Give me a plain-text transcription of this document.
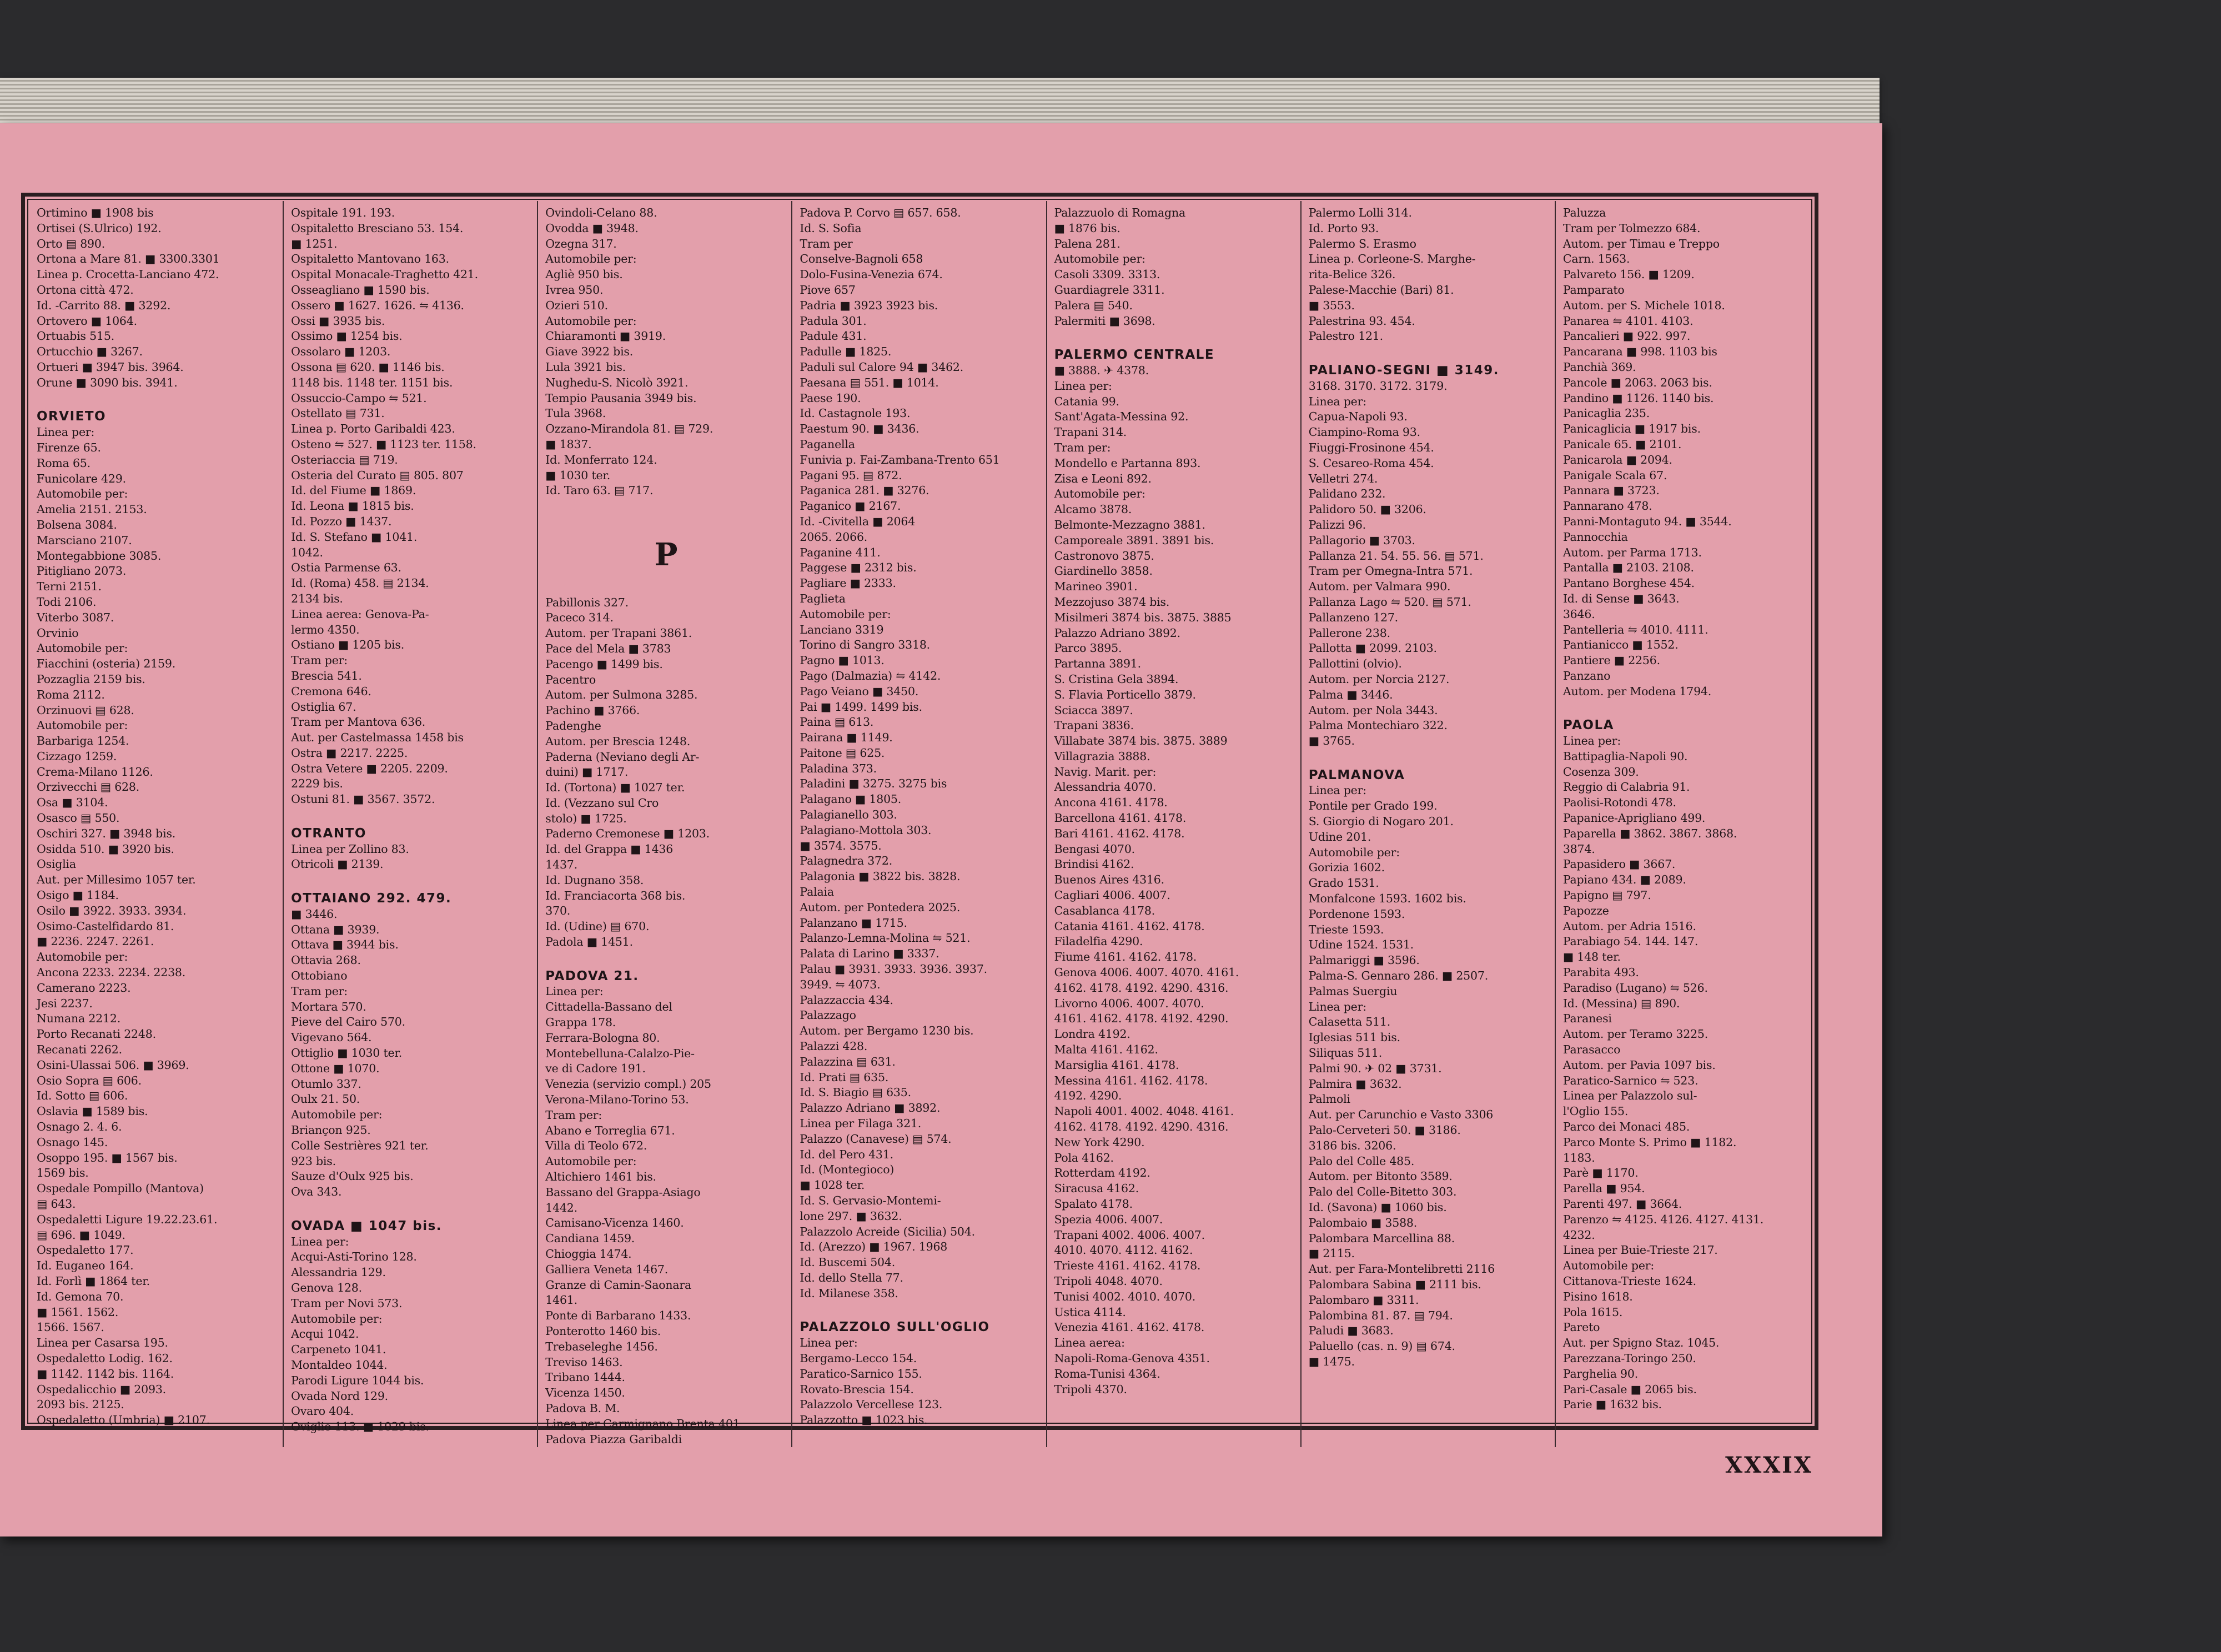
Ortimino ■ 1908 bis
Ortisei (S.Ulrico) 192.
Orto ▤ 890.
Ortona a Mare 81. ■ 3300.3301
Linea p. Crocetta-Lanciano 472.
Ortona città 472.
Id. -Carrito 88. ■ 3292.
Ortovero ■ 1064.
Ortuabis 515.
Ortucchio ■ 3267.
Ortueri ■ 3947 bis. 3964.
Orune ■ 3090 bis. 3941.

ORVIETO
Linea per:
Firenze 65.
Roma 65.
Funicolare 429.
Automobile per:
Amelia 2151. 2153.
Bolsena 3084.
Marsciano 2107.
Montegabbione 3085.
Pitigliano 2073.
Terni 2151.
Todi 2106.
Viterbo 3087.
Orvinio
Automobile per:
Fiacchini (osteria) 2159.
Pozzaglia 2159 bis.
Roma 2112.
Orzinuovi ▤ 628.
Automobile per:
Barbariga 1254.
Cizzago 1259.
Crema-Milano 1126.
Orzivecchi ▤ 628.
Osa ■ 3104.
Osasco ▤ 550.
Oschiri 327. ■ 3948 bis.
Osidda 510. ■ 3920 bis.
Osiglia
Aut. per Millesimo 1057 ter.
Osigo ■ 1184.
Osilo ■ 3922. 3933. 3934.
Osimo-Castelfidardo 81.
■ 2236. 2247. 2261.
Automobile per:
Ancona 2233. 2234. 2238.
Camerano 2223.
Jesi 2237.
Numana 2212.
Porto Recanati 2248.
Recanati 2262.
Osini-Ulassai 506. ■ 3969.
Osio Sopra ▤ 606.
Id. Sotto ▤ 606.
Oslavia ■ 1589 bis.
Osnago 2. 4. 6.
Osnago 145.
Osoppo 195. ■ 1567 bis.
1569 bis.
Ospedale Pompillo (Mantova)
▤ 643.
Ospedaletti Ligure 19.22.23.61.
▤ 696. ■ 1049.
Ospedaletto 177.
Id. Euganeo 164.
Id. Forlì ■ 1864 ter.
Id. Gemona 70.
■ 1561. 1562.
1566. 1567.
Linea per Casarsa 195.
Ospedaletto Lodig. 162.
■ 1142. 1142 bis. 1164.
Ospedalicchio ■ 2093.
2093 bis. 2125.
Ospedaletto (Umbria) ■ 2107.
Ospitale 191. 193.
Ospitaletto Bresciano 53. 154.
■ 1251.
Ospitaletto Mantovano 163.
Ospital Monacale-Traghetto 421.
Osseagliano ■ 1590 bis.
Ossero ■ 1627. 1626. ⇋ 4136.
Ossi ■ 3935 bis.
Ossimo ■ 1254 bis.
Ossolaro ■ 1203.
Ossona ▤ 620. ■ 1146 bis.
1148 bis. 1148 ter. 1151 bis.
Ossuccio-Campo ⇋ 521.
Ostellato ▤ 731.
Linea p. Porto Garibaldi 423.
Osteno ⇋ 527. ■ 1123 ter. 1158.
Osteriaccia ▤ 719.
Osteria del Curato ▤ 805. 807
Id. del Fiume ■ 1869.
Id. Leona ■ 1815 bis.
Id. Pozzo ■ 1437.
Id. S. Stefano ■ 1041.
1042.
Ostia Parmense 63.
Id. (Roma) 458. ▤ 2134.
2134 bis.
Linea aerea: Genova-Pa-
lermo 4350.
Ostiano ■ 1205 bis.
Tram per:
Brescia 541.
Cremona 646.
Ostiglia 67.
Tram per Mantova 636.
Aut. per Castelmassa 1458 bis
Ostra ■ 2217. 2225.
Ostra Vetere ■ 2205. 2209.
2229 bis.
Ostuni 81. ■ 3567. 3572.

OTRANTO
Linea per Zollino 83.
Otricoli ■ 2139.

OTTAIANO 292. 479.
■ 3446.
Ottana ■ 3939.
Ottava ■ 3944 bis.
Ottavia 268.
Ottobiano
Tram per:
Mortara 570.
Pieve del Cairo 570.
Vigevano 564.
Ottiglio ■ 1030 ter.
Ottone ■ 1070.
Otumlo 337.
Oulx 21. 50.
Automobile per:
Briançon 925.
Colle Sestrières 921 ter.
923 bis.
Sauze d'Oulx 925 bis.
Ova 343.

OVADA ■ 1047 bis.
Linea per:
Acqui-Asti-Torino 128.
Alessandria 129.
Genova 128.
Tram per Novi 573.
Automobile per:
Acqui 1042.
Carpeneto 1041.
Montaldeo 1044.
Parodi Ligure 1044 bis.
Ovada Nord 129.
Ovaro 404.
Oviglio 113. ■ 1029 bis.
Ovindoli-Celano 88.
Ovodda ■ 3948.
Ozegna 317.
Automobile per:
Agliè 950 bis.
Ivrea 950.
Ozieri 510.
Automobile per:
Chiaramonti ■ 3919.
Giave 3922 bis.
Lula 3921 bis.
Nughedu-S. Nicolò 3921.
Tempio Pausania 3949 bis.
Tula 3968.
Ozzano-Mirandola 81. ▤ 729.
■ 1837.
Id. Monferrato 124.
■ 1030 ter.
Id. Taro 63. ▤ 717.

P

Pabillonis 327.
Paceco 314.
Autom. per Trapani 3861.
Pace del Mela ■ 3783
Pacengo ■ 1499 bis.
Pacentro
Autom. per Sulmona 3285.
Pachino ■ 3766.
Padenghe
Autom. per Brescia 1248.
Paderna (Neviano degli Ar-
duini) ■ 1717.
Id. (Tortona) ■ 1027 ter.
Id. (Vezzano sul Cro
stolo) ■ 1725.
Paderno Cremonese ■ 1203.
Id. del Grappa ■ 1436
1437.
Id. Dugnano 358.
Id. Franciacorta 368 bis.
370.
Id. (Udine) ▤ 670.
Padola ■ 1451.

PADOVA 21.
Linea per:
Cittadella-Bassano del
Grappa 178.
Ferrara-Bologna 80.
Montebelluna-Calalzo-Pie-
ve di Cadore 191.
Venezia (servizio compl.) 205
Verona-Milano-Torino 53.
Tram per:
Abano e Torreglia 671.
Villa di Teolo 672.
Automobile per:
Altichiero 1461 bis.
Bassano del Grappa-Asiago
1442.
Camisano-Vicenza 1460.
Candiana 1459.
Chioggia 1474.
Galliera Veneta 1467.
Granze di Camin-Saonara
1461.
Ponte di Barbarano 1433.
Ponterotto 1460 bis.
Trebaseleghe 1456.
Treviso 1463.
Tribano 1444.
Vicenza 1450.
Padova B. M.
Linea per Carmignano Brenta 401
Padova Piazza Garibaldi
Padova P. Corvo ▤ 657. 658.
Id. S. Sofia
Tram per
Conselve-Bagnoli 658
Dolo-Fusina-Venezia 674.
Piove 657
Padria ■ 3923 3923 bis.
Padula 301.
Padule 431.
Padulle ■ 1825.
Paduli sul Calore 94 ■ 3462.
Paesana ▤ 551. ■ 1014.
Paese 190.
Id. Castagnole 193.
Paestum 90. ■ 3436.
Paganella
Funivia p. Fai-Zambana-Trento 651
Pagani 95. ▤ 872.
Paganica 281. ■ 3276.
Paganico ■ 2167.
Id. -Civitella ■ 2064
2065. 2066.
Paganine 411.
Paggese ■ 2312 bis.
Pagliare ■ 2333.
Paglieta
Automobile per:
Lanciano 3319
Torino di Sangro 3318.
Pagno ■ 1013.
Pago (Dalmazia) ⇋ 4142.
Pago Veiano ■ 3450.
Pai ■ 1499. 1499 bis.
Paina ▤ 613.
Pairana ■ 1149.
Paitone ▤ 625.
Paladina 373.
Paladini ■ 3275. 3275 bis
Palagano ■ 1805.
Palagianello 303.
Palagiano-Mottola 303.
■ 3574. 3575.
Palagnedra 372.
Palagonia ■ 3822 bis. 3828.
Palaia
Autom. per Pontedera 2025.
Palanzano ■ 1715.
Palanzo-Lemna-Molina ⇋ 521.
Palata di Larino ■ 3337.
Palau ■ 3931. 3933. 3936. 3937.
3949. ⇋ 4073.
Palazzaccia 434.
Palazzago
Autom. per Bergamo 1230 bis.
Palazzi 428.
Palazzina ▤ 631.
Id. Prati ▤ 635.
Id. S. Biagio ▤ 635.
Palazzo Adriano ■ 3892.
Linea per Filaga 321.
Palazzo (Canavese) ▤ 574.
Id. del Pero 431.
Id. (Montegioco)
■ 1028 ter.
Id. S. Gervasio-Montemi-
lone 297. ■ 3632.
Palazzolo Acreide (Sicilia) 504.
Id. (Arezzo) ■ 1967. 1968
Id. Buscemi 504.
Id. dello Stella 77.
Id. Milanese 358.

PALAZZOLO SULL'OGLIO
Linea per:
Bergamo-Lecco 154.
Paratico-Sarnico 155.
Rovato-Brescia 154.
Palazzolo Vercellese 123.
Palazzotto ■ 1023 bis.
Palazzuolo di Romagna
■ 1876 bis.
Palena 281.
Automobile per:
Casoli 3309. 3313.
Guardiagrele 3311.
Palera ▤ 540.
Palermiti ■ 3698.

PALERMO CENTRALE
■ 3888. ✈ 4378.
Linea per:
Catania 99.
Sant'Agata-Messina 92.
Trapani 314.
Tram per:
Mondello e Partanna 893.
Zisa e Leoni 892.
Automobile per:
Alcamo 3878.
Belmonte-Mezzagno 3881.
Camporeale 3891. 3891 bis.
Castronovo 3875.
Giardinello 3858.
Marineo 3901.
Mezzojuso 3874 bis.
Misilmeri 3874 bis. 3875. 3885
Palazzo Adriano 3892.
Parco 3895.
Partanna 3891.
S. Cristina Gela 3894.
S. Flavia Porticello 3879.
Sciacca 3897.
Trapani 3836.
Villabate 3874 bis. 3875. 3889
Villagrazia 3888.
Navig. Marit. per:
Alessandria 4070.
Ancona 4161. 4178.
Barcellona 4161. 4178.
Bari 4161. 4162. 4178.
Bengasi 4070.
Brindisi 4162.
Buenos Aires 4316.
Cagliari 4006. 4007.
Casablanca 4178.
Catania 4161. 4162. 4178.
Filadelfia 4290.
Fiume 4161. 4162. 4178.
Genova 4006. 4007. 4070. 4161.
4162. 4178. 4192. 4290. 4316.
Livorno 4006. 4007. 4070.
4161. 4162. 4178. 4192. 4290.
Londra 4192.
Malta 4161. 4162.
Marsiglia 4161. 4178.
Messina 4161. 4162. 4178.
4192. 4290.
Napoli 4001. 4002. 4048. 4161.
4162. 4178. 4192. 4290. 4316.
New York 4290.
Pola 4162.
Rotterdam 4192.
Siracusa 4162.
Spalato 4178.
Spezia 4006. 4007.
Trapani 4002. 4006. 4007.
4010. 4070. 4112. 4162.
Trieste 4161. 4162. 4178.
Tripoli 4048. 4070.
Tunisi 4002. 4010. 4070.
Ustica 4114.
Venezia 4161. 4162. 4178.
Linea aerea:
Napoli-Roma-Genova 4351.
Roma-Tunisi 4364.
Tripoli 4370.
Palermo Lolli 314.
Id. Porto 93.
Palermo S. Erasmo
Linea p. Corleone-S. Marghe-
rita-Belice 326.
Palese-Macchie (Bari) 81.
■ 3553.
Palestrina 93. 454.
Palestro 121.

PALIANO-SEGNI ■ 3149.
3168. 3170. 3172. 3179.
Linea per:
Capua-Napoli 93.
Ciampino-Roma 93.
Fiuggi-Frosinone 454.
S. Cesareo-Roma 454.
Velletri 274.
Palidano 232.
Palidoro 50. ■ 3206.
Palizzi 96.
Pallagorio ■ 3703.
Pallanza 21. 54. 55. 56. ▤ 571.
Tram per Omegna-Intra 571.
Autom. per Valmara 990.
Pallanza Lago ⇋ 520. ▤ 571.
Pallanzeno 127.
Pallerone 238.
Pallotta ■ 2099. 2103.
Pallottini (olvio).
Autom. per Norcia 2127.
Palma ■ 3446.
Autom. per Nola 3443.
Palma Montechiaro 322.
■ 3765.

PALMANOVA
Linea per:
Pontile per Grado 199.
S. Giorgio di Nogaro 201.
Udine 201.
Automobile per:
Gorizia 1602.
Grado 1531.
Monfalcone 1593. 1602 bis.
Pordenone 1593.
Trieste 1593.
Udine 1524. 1531.
Palmariggi ■ 3596.
Palma-S. Gennaro 286. ■ 2507.
Palmas Suergiu
Linea per:
Calasetta 511.
Iglesias 511 bis.
Siliquas 511.
Palmi 90. ✈ 02 ■ 3731.
Palmira ■ 3632.
Palmoli
Aut. per Carunchio e Vasto 3306
Palo-Cerveteri 50. ■ 3186.
3186 bis. 3206.
Palo del Colle 485.
Autom. per Bitonto 3589.
Palo del Colle-Bitetto 303.
Id. (Savona) ■ 1060 bis.
Palombaio ■ 3588.
Palombara Marcellina 88.
■ 2115.
Aut. per Fara-Montelibretti 2116
Palombara Sabina ■ 2111 bis.
Palombaro ■ 3311.
Palombina 81. 87. ▤ 794.
Paludi ■ 3683.
Paluello (cas. n. 9) ▤ 674.
■ 1475.
Paluzza
Tram per Tolmezzo 684.
Autom. per Timau e Treppo
Carn. 1563.
Palvareto 156. ■ 1209.
Pamparato
Autom. per S. Michele 1018.
Panarea ⇋ 4101. 4103.
Pancalieri ■ 922. 997.
Pancarana ■ 998. 1103 bis
Panchià 369.
Pancole ■ 2063. 2063 bis.
Pandino ■ 1126. 1140 bis.
Panicaglia 235.
Panicaglicia ■ 1917 bis.
Panicale 65. ■ 2101.
Panicarola ■ 2094.
Panigale Scala 67.
Pannara ■ 3723.
Pannarano 478.
Panni-Montaguto 94. ■ 3544.
Pannocchia
Autom. per Parma 1713.
Pantalla ■ 2103. 2108.
Pantano Borghese 454.
Id. di Sense ■ 3643.
3646.
Pantelleria ⇋ 4010. 4111.
Pantianicco ■ 1552.
Pantiere ■ 2256.
Panzano
Autom. per Modena 1794.

PAOLA
Linea per:
Battipaglia-Napoli 90.
Cosenza 309.
Reggio di Calabria 91.
Paolisi-Rotondi 478.
Papanice-Aprigliano 499.
Paparella ■ 3862. 3867. 3868.
3874.
Papasidero ■ 3667.
Papiano 434. ■ 2089.
Papigno ▤ 797.
Papozze
Autom. per Adria 1516.
Parabiago 54. 144. 147.
■ 148 ter.
Parabita 493.
Paradiso (Lugano) ⇋ 526.
Id. (Messina) ▤ 890.
Paranesi
Autom. per Teramo 3225.
Parasacco
Autom. per Pavia 1097 bis.
Paratico-Sarnico ⇋ 523.
Linea per Palazzolo sul-
l'Oglio 155.
Parco dei Monaci 485.
Parco Monte S. Primo ■ 1182.
1183.
Parè ■ 1170.
Parella ■ 954.
Parenti 497. ■ 3664.
Parenzo ⇋ 4125. 4126. 4127. 4131.
4232.
Linea per Buie-Trieste 217.
Automobile per:
Cittanova-Trieste 1624.
Pisino 1618.
Pola 1615.
Pareto
Aut. per Spigno Staz. 1045.
Parezzana-Toringo 250.
Parghelia 90.
Pari-Casale ■ 2065 bis.
Parie ■ 1632 bis.
XXXIX
